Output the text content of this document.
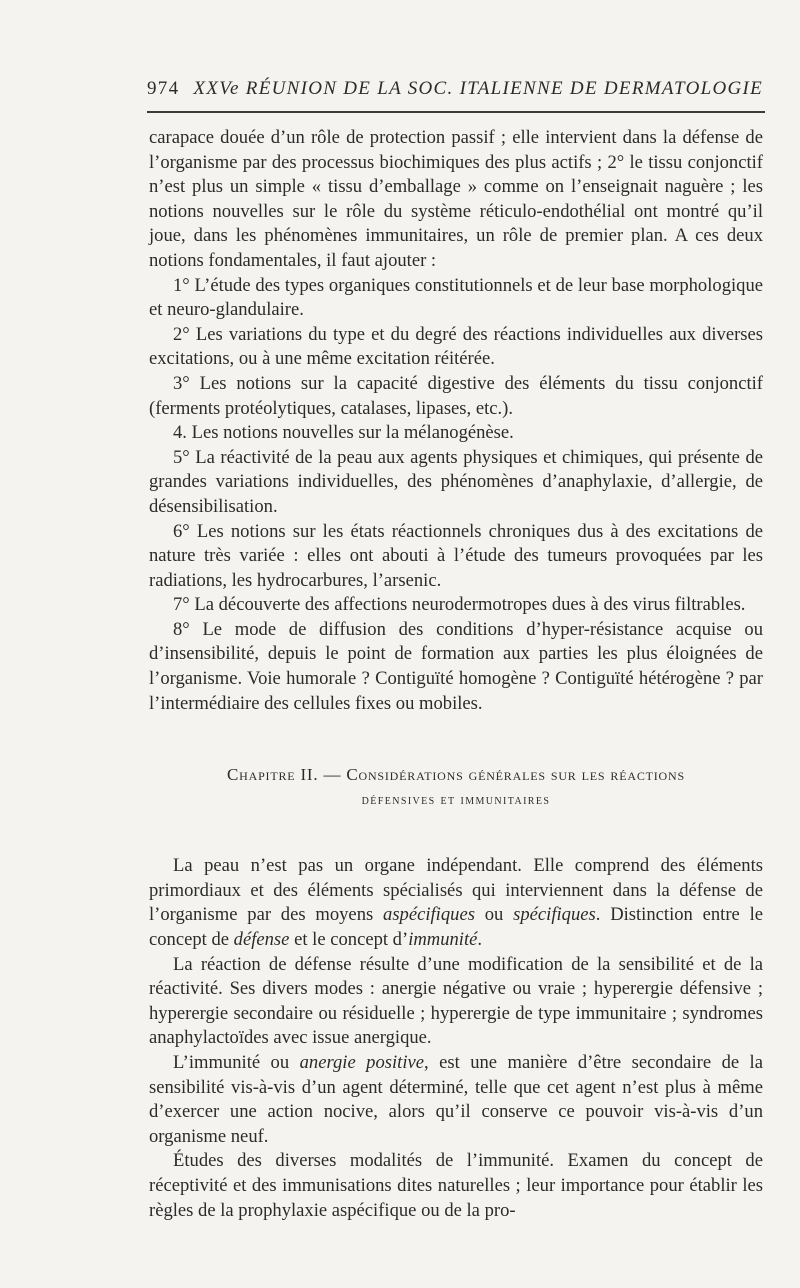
974 XXVe RÉUNION DE LA SOC. ITALIENNE DE DERMATOLOGIE

carapace douée d’un rôle de protection passif ; elle intervient dans la défense de l’organisme par des processus biochimiques des plus actifs ; 2° le tissu conjonctif n’est plus un simple « tissu d’emballage » comme on l’enseignait naguère ; les notions nouvelles sur le rôle du système réticulo-endothélial ont montré qu’il joue, dans les phénomènes immunitaires, un rôle de premier plan. A ces deux notions fondamentales, il faut ajouter :

1° L’étude des types organiques constitutionnels et de leur base morphologique et neuro-glandulaire.

2° Les variations du type et du degré des réactions individuelles aux diverses excitations, ou à une même excitation réitérée.

3° Les notions sur la capacité digestive des éléments du tissu conjonctif (ferments protéolytiques, catalases, lipases, etc.).

4. Les notions nouvelles sur la mélanogénèse.

5° La réactivité de la peau aux agents physiques et chimiques, qui présente de grandes variations individuelles, des phénomènes d’anaphylaxie, d’allergie, de désensibilisation.

6° Les notions sur les états réactionnels chroniques dus à des excitations de nature très variée : elles ont abouti à l’étude des tumeurs provoquées par les radiations, les hydrocarbures, l’arsenic.

7° La découverte des affections neurodermotropes dues à des virus filtrables.

8° Le mode de diffusion des conditions d’hyper-résistance acquise ou d’insensibilité, depuis le point de formation aux parties les plus éloignées de l’organisme. Voie humorale ? Contiguïté homogène ? Contiguïté hétérogène ? par l’intermédiaire des cellules fixes ou mobiles.

Chapitre II. — Considérations générales sur les réactions
défensives et immunitaires

La peau n’est pas un organe indépendant. Elle comprend des éléments primordiaux et des éléments spécialisés qui interviennent dans la défense de l’organisme par des moyens aspécifiques ou spécifiques. Distinction entre le concept de défense et le concept d’immunité.

La réaction de défense résulte d’une modification de la sensibilité et de la réactivité. Ses divers modes : anergie négative ou vraie ; hyperergie défensive ; hyperergie secondaire ou résiduelle ; hyperergie de type immunitaire ; syndromes anaphylactoïdes avec issue anergique.

L’immunité ou anergie positive, est une manière d’être secondaire de la sensibilité vis-à-vis d’un agent déterminé, telle que cet agent n’est plus à même d’exercer une action nocive, alors qu’il conserve ce pouvoir vis-à-vis d’un organisme neuf.

Études des diverses modalités de l’immunité. Examen du concept de réceptivité et des immunisations dites naturelles ; leur importance pour établir les règles de la prophylaxie aspécifique ou de la pro-
